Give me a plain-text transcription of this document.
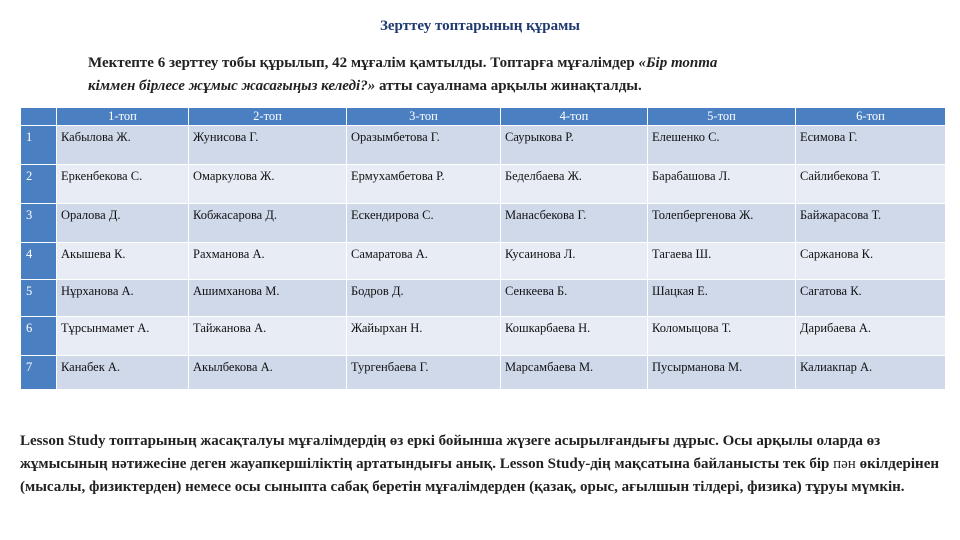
Зерттеу топтарының құрамы
Мектепте 6 зерттеу тобы құрылып, 42 мұғалім қамтылды. Топтарға мұғалімдер «Бір топта
кіммен бірлесе жұмыс жасағыңыз келеді?» атты сауалнама арқылы жинақталды.
	1-топ	2-топ	3-топ	4-топ	5-топ	6-топ
1	Кабылова Ж.	Жунисова Г.	Оразымбетова Г.	Саурыкова Р.	Елешенко С.	Есимова Г.
2	Еркенбекова С.	Омаркулова Ж.	Ермухамбетова Р.	Беделбаева Ж.	Барабашова Л.	Сайлибекова Т.
3	Оралова Д.	Кобжасарова Д.	Ескендирова С.	Манасбекова Г.	Толепбергенова Ж.	Байжарасова Т.
4	Акышева К.	Рахманова А.	Самаратова А.	Кусаинова Л.	Тагаева Ш.	Саржанова К.
5	Нұрханова А.	Ашимханова М.	Бодров Д.	Сенкеева Б.	Шацкая Е.	Сагатова К.
6	Тұрсынмамет А.	Тайжанова А.	Жайырхан Н.	Кошкарбаева Н.	Коломыцова Т.	Дарибаева А.
7	Канабек А.	Акылбекова А.	Тургенбаева Г.	Марсамбаева М.	Пусырманова М.	Калиакпар А.
Lesson Study топтарының жасақталуы мұғалімдердің өз еркі бойынша жүзеге асырылғандығы дұрыс. Осы арқылы оларда өз жұмысының нәтижесіне деген жауапкершіліктің артатындығы анық. Lesson Study-дің мақсатына байланысты тек бір пән өкілдерінен (мысалы, физиктерден) немесе осы сыныпта сабақ беретін мұғалімдерден (қазақ, орыс, ағылшын тілдері, физика) тұруы мүмкін.
